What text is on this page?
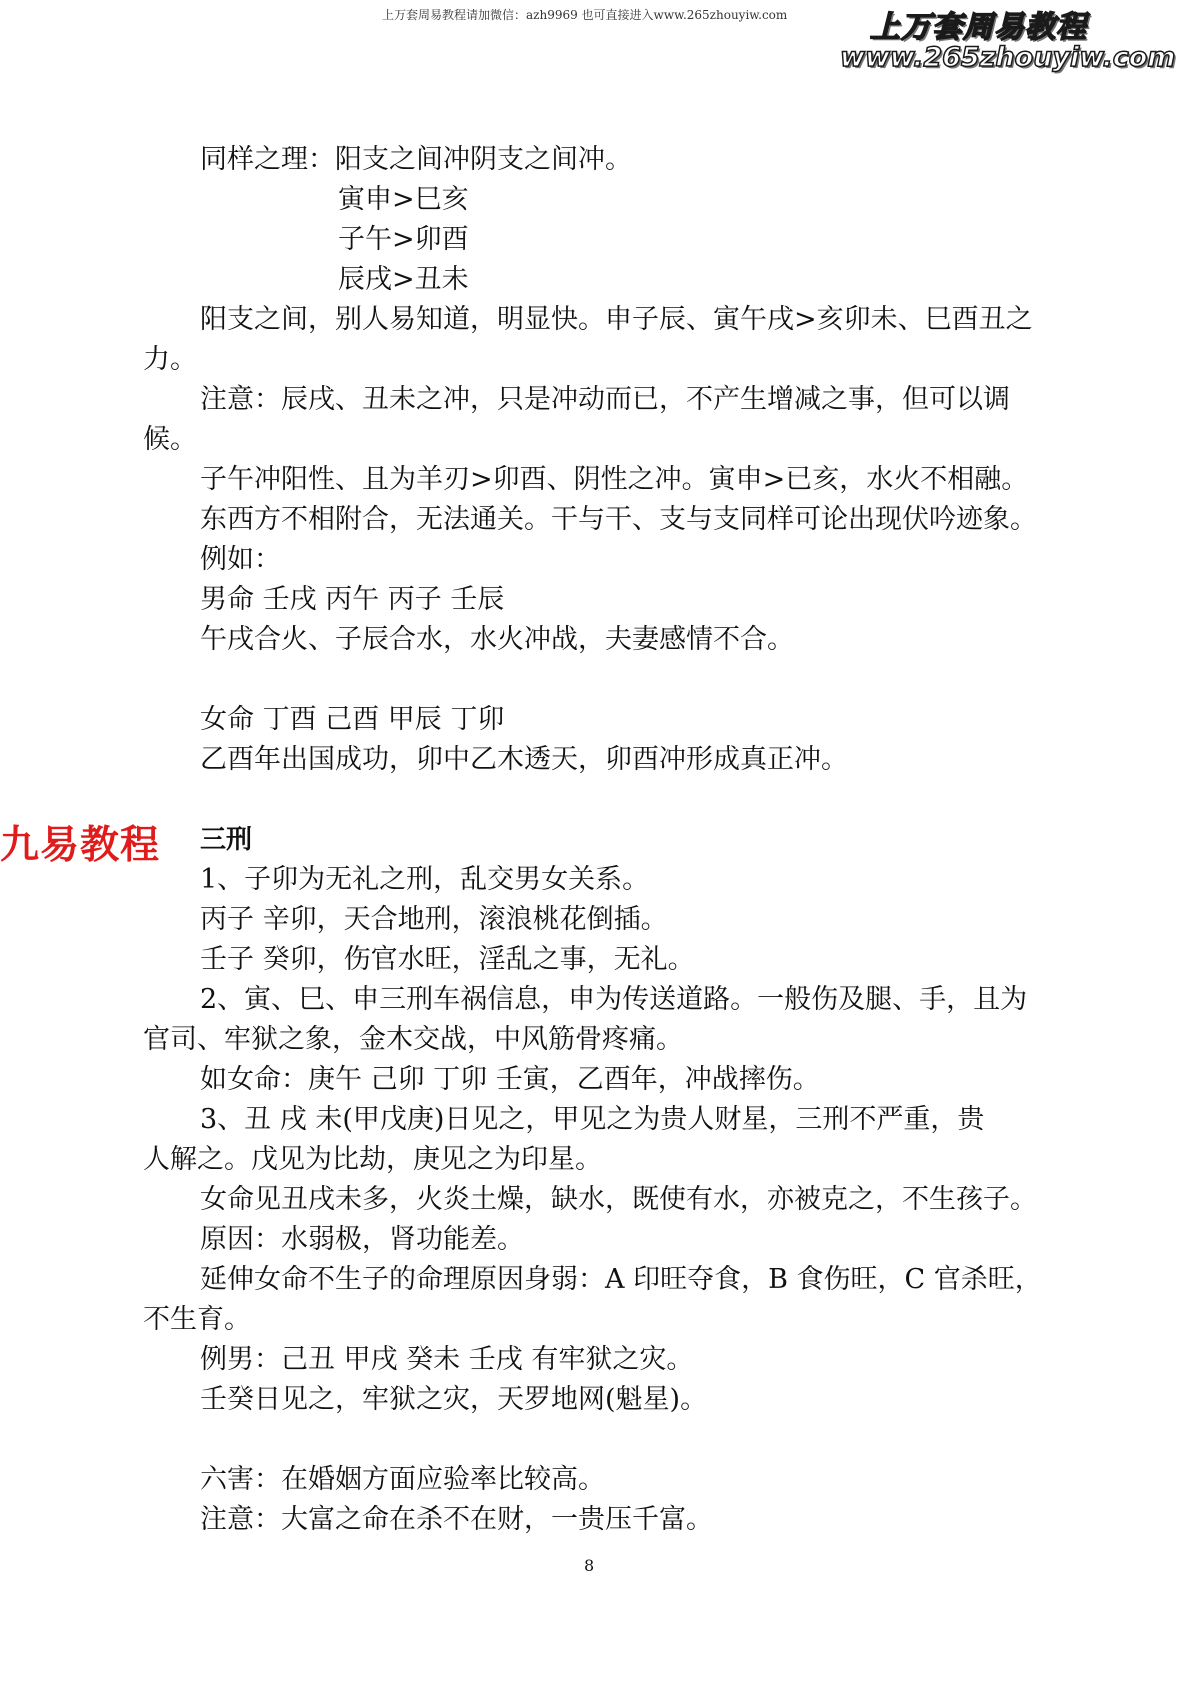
上万套周易教程请加微信：azh9969 也可直接进入www.265zhouyiw.com	上万套周易教程
www.265zhouyiw.com
九易教程
同样之理：阳支之间冲阴支之间冲。
寅申>巳亥
子午>卯酉
辰戌>丑未
阳支之间，别人易知道，明显快。申子辰、寅午戌>亥卯未、巳酉丑之
力。
注意：辰戌、丑未之冲，只是冲动而已，不产生增减之事，但可以调
候。
子午冲阳性、且为羊刃>卯酉、阴性之冲。寅申>已亥，水火不相融。
东西方不相附合，无法通关。干与干、支与支同样可论出现伏吟迹象。
例如：
男命 壬戌 丙午 丙子 壬辰
午戌合火、子辰合水，水火冲战，夫妻感情不合。
女命 丁酉 己酉 甲辰 丁卯
乙酉年出国成功，卯中乙木透天，卯酉冲形成真正冲。
三刑
1、子卯为无礼之刑，乱交男女关系。
丙子 辛卯，天合地刑，滚浪桃花倒插。
壬子 癸卯，伤官水旺，淫乱之事，无礼。
2、寅、巳、申三刑车祸信息，申为传送道路。一般伤及腿、手，且为
官司、牢狱之象，金木交战，中风筋骨疼痛。
如女命：庚午 己卯 丁卯 壬寅，乙酉年，冲战摔伤。
3、丑 戌 未(甲戊庚)日见之，甲见之为贵人财星，三刑不严重，贵
人解之。戊见为比劫，庚见之为印星。
女命见丑戌未多，火炎土燥，缺水，既使有水，亦被克之，不生孩子。
原因：水弱极，肾功能差。
延伸女命不生子的命理原因身弱：A 印旺夺食，B 食伤旺，C 官杀旺，
不生育。
例男：己丑 甲戌 癸未 壬戌 有牢狱之灾。
壬癸日见之，牢狱之灾，天罗地网(魁星)。
六害：在婚姻方面应验率比较高。
注意：大富之命在杀不在财，一贵压千富。
8
